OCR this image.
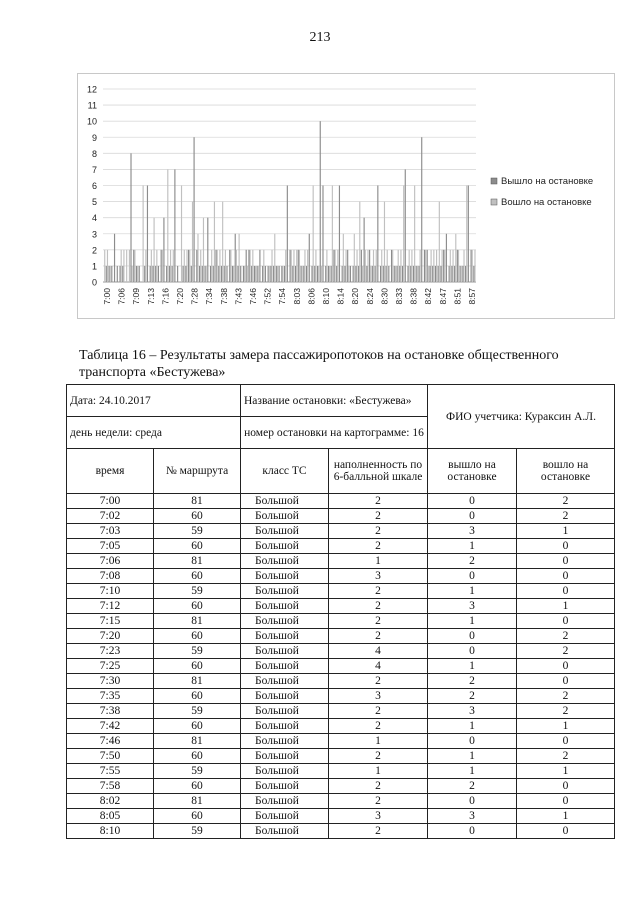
213
0
1
2
3
4
5
6
7
8
9
10
11
12
7:00 7:06 7:09 7:13 7:16 7:20 7:28 7:34 7:38 7:43 7:46 7:52 7:54 8:03 8:06 8:10 8:14 8:20 8:24 8:30 8:33 8:38 8:42 8:47 8:51 8:57
Вышло на остановке
Вошло на остановке
Таблица 16 – Результаты замера пассажиропотоков на остановке общественного
транспорта «Бестужева»
Дата: 24.10.2017		Название остановки: «Бестужева»		ФИО учетчика: Куракcин А.Л.	
день недели: среда		номер остановки на картограмме: 16			
время	№ маршрута	класс ТС	наполненность по 6-балльной шкале	вышло на остановке	вошло на остановке
7:00	81	Большой	2	0	2
7:02	60	Большой	2	0	2
7:03	59	Большой	2	3	1
7:05	60	Большой	2	1	0
7:06	81	Большой	1	2	0
7:08	60	Большой	3	0	0
7:10	59	Большой	2	1	0
7:12	60	Большой	2	3	1
7:15	81	Большой	2	1	0
7:20	60	Большой	2	0	2
7:23	59	Большой	4	0	2
7:25	60	Большой	4	1	0
7:30	81	Большой	2	2	0
7:35	60	Большой	3	2	2
7:38	59	Большой	2	3	2
7:42	60	Большой	2	1	1
7:46	81	Большой	1	0	0
7:50	60	Большой	2	1	2
7:55	59	Большой	1	1	1
7:58	60	Большой	2	2	0
8:02	81	Большой	2	0	0
8:05	60	Большой	3	3	1
8:10	59	Большой	2	0	0
